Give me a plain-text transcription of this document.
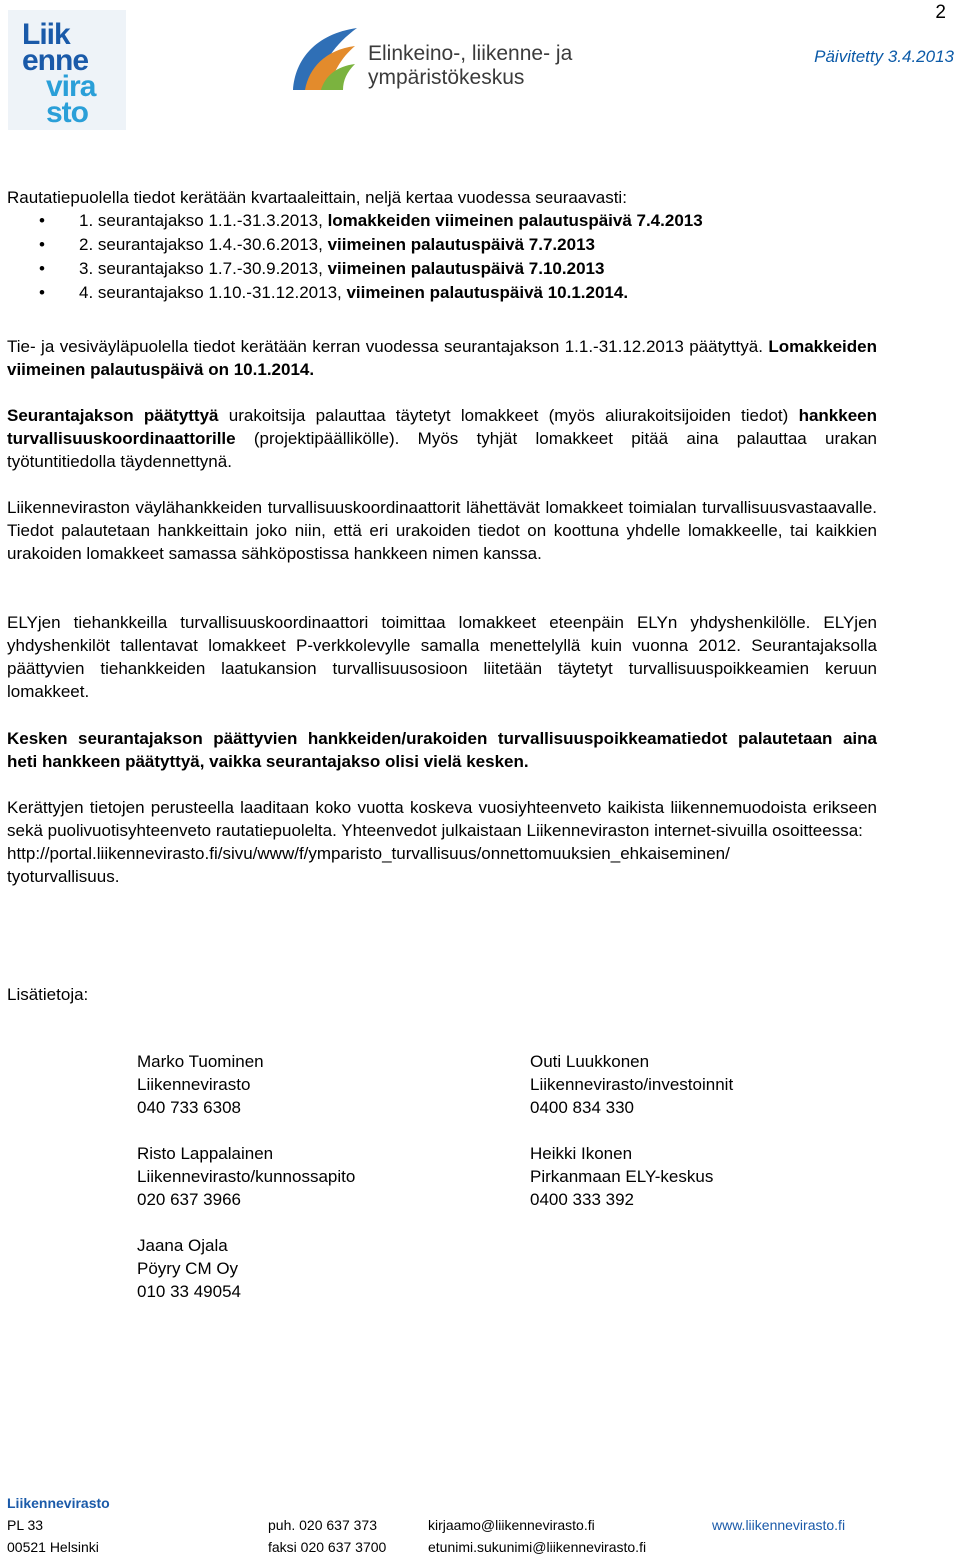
2
Päivitetty 3.4.2013
Liik
enne
vira
sto
Elinkeino-, liikenne- ja
ympäristökeskus

Rautatiepuolella tiedot kerätään kvartaaleittain, neljä kertaa vuodessa seuraavasti:

• 1. seurantajakso 1.1.-31.3.2013, lomakkeiden viimeinen palautuspäivä 7.4.2013
• 2. seurantajakso 1.4.-30.6.2013, viimeinen palautuspäivä 7.7.2013
• 3. seurantajakso 1.7.-30.9.2013, viimeinen palautuspäivä 7.10.2013
• 4. seurantajakso 1.10.-31.12.2013, viimeinen palautuspäivä 10.1.2014.

Tie- ja vesiväyläpuolella tiedot kerätään kerran vuodessa seurantajakson 1.1.-31.12.2013 päätyttyä. Lomakkeiden viimeinen palautuspäivä on 10.1.2014.

Seurantajakson päätyttyä urakoitsija palauttaa täytetyt lomakkeet (myös aliurakoitsijoiden tiedot) hankkeen turvallisuuskoordinaattorille (projektipäällikölle). Myös tyhjät lomakkeet pitää aina palauttaa urakan työtuntitiedolla täydennettynä.

Liikenneviraston väylähankkeiden turvallisuuskoordinaattorit lähettävät lomakkeet toimialan turvallisuusvastaavalle. Tiedot palautetaan hankkeittain joko niin, että eri urakoiden tiedot on koottuna yhdelle lomakkeelle, tai kaikkien urakoiden lomakkeet samassa sähköpostissa hankkeen nimen kanssa.

ELYjen tiehankkeilla turvallisuuskoordinaattori toimittaa lomakkeet eteenpäin ELYn yhdyshenkilölle. ELYjen yhdyshenkilöt tallentavat lomakkeet P-verkkolevylle samalla menettelyllä kuin vuonna 2012. Seurantajaksolla päättyvien tiehankkeiden laatukansion turvallisuusosioon liitetään täytetyt turvallisuuspoikkeamien keruun lomakkeet.

Kesken seurantajakson päättyvien hankkeiden/urakoiden turvallisuuspoikkeamatiedot palautetaan aina heti hankkeen päätyttyä, vaikka seurantajakso olisi vielä kesken.

Kerättyjen tietojen perusteella laaditaan koko vuotta koskeva vuosiyhteenveto kaikista liikennemuodoista erikseen sekä puolivuotisyhteenveto rautatiepuolelta. Yhteenvedot julkaistaan Liikenneviraston internet-sivuilla osoitteessa:

http://portal.liikennevirasto.fi/sivu/www/f/ymparisto_turvallisuus/onnettomuuksien_ehkaiseminen/

tyoturvallisuus.

Lisätietoja:
Marko Tuominen
Liikennevirasto
040 733 6308
Outi Luukkonen
Liikennevirasto/investoinnit
0400 834 330
Risto Lappalainen
Liikennevirasto/kunnossapito
020 637 3966
Heikki Ikonen
Pirkanmaan ELY-keskus
0400 333 392
Jaana Ojala
Pöyry CM Oy
010 33 49054
Liikennevirasto
PL 33
00521 Helsinki
puh. 020 637 373
faksi 020 637 3700
kirjaamo@liikennevirasto.fi
etunimi.sukunimi@liikennevirasto.fi
www.liikennevirasto.fi
